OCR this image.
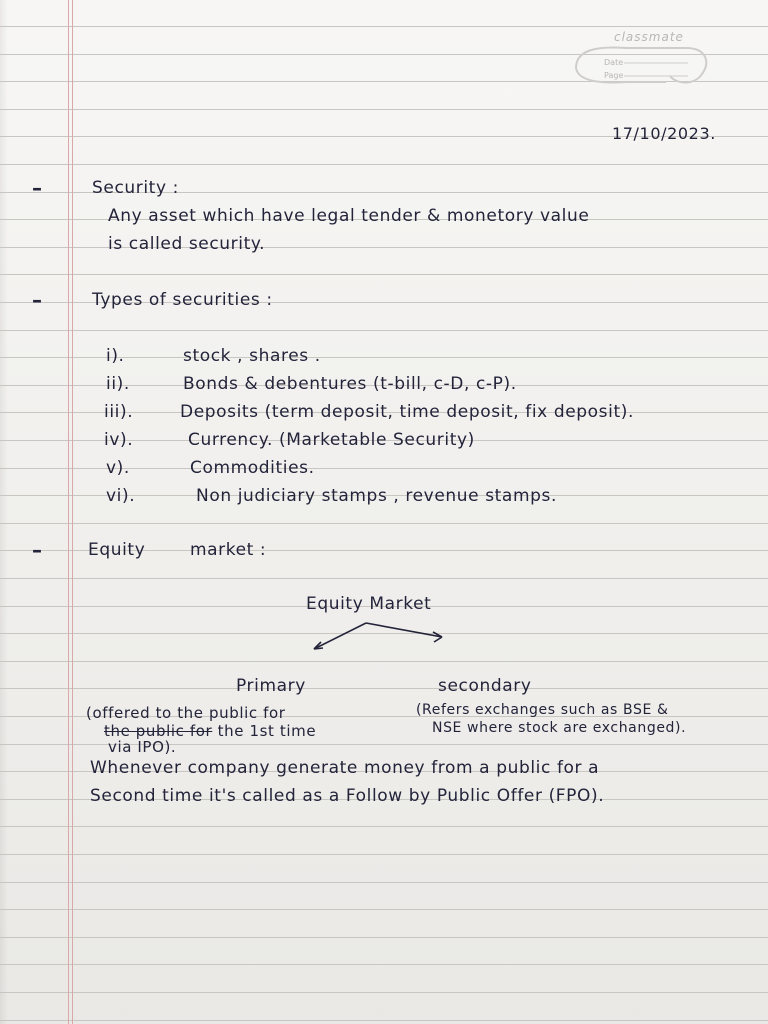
classmate
Date
Page
17/10/2023.
–	Security :
Any asset which have legal tender & monetory value
is called security.
–	Types of securities :
i).	stock , shares .
ii).	Bonds & debentures (t-bill, c-D, c-P).
iii).	Deposits (term deposit, time deposit, fix deposit).
iv).	Currency. (Marketable Security)
v).	Commodities.
vi).	Non judiciary stamps , revenue stamps.
–	Equity	market :
Equity Market
Primary	secondary
(offered to the public for
the public for the 1st time
via IPO).
(Refers exchanges such as BSE &
NSE where stock are exchanged).
Whenever company generate money from a public for a
Second time it's called as a Follow by Public Offer (FPO).
